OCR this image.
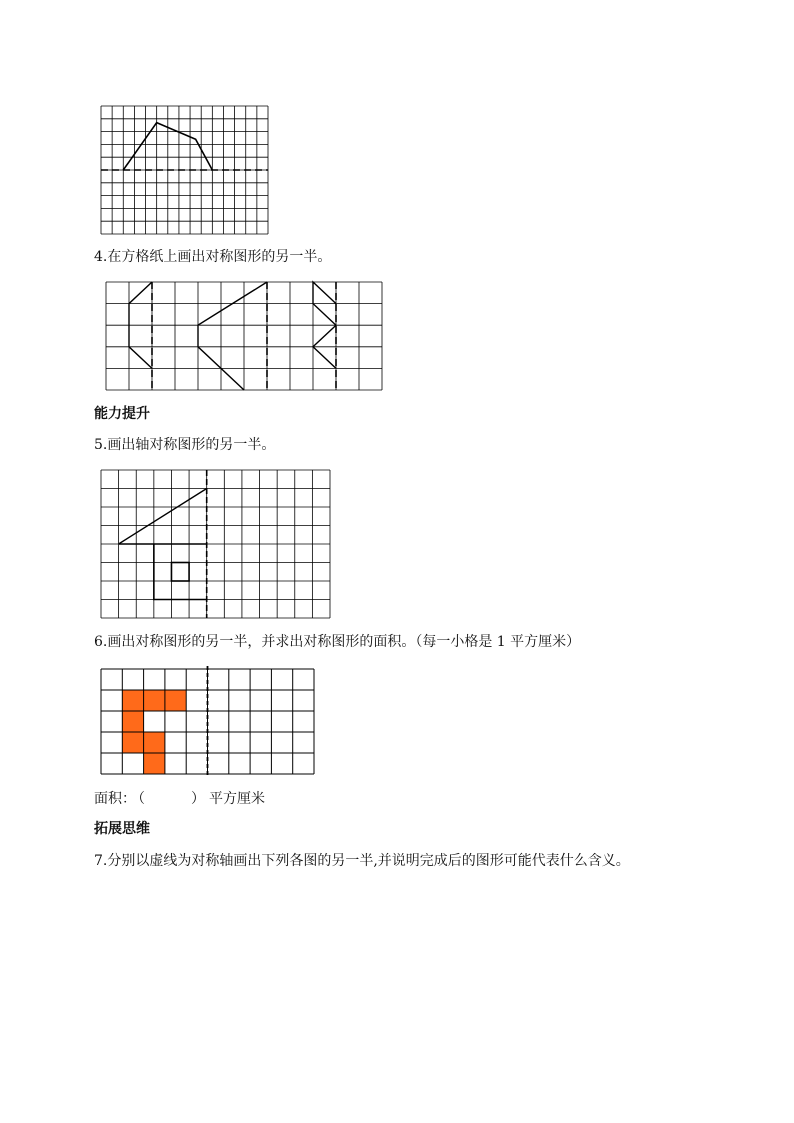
4.在方格纸上画出对称图形的另一半。
能力提升
5.画出轴对称图形的另一半。
6.画出对称图形的另一半，并求出对称图形的面积。（每一小格是 1 平方厘米）
面积： （	） 平方厘米
拓展思维
7.分别以虚线为对称轴画出下列各图的另一半,并说明完成后的图形可能代表什么含义。
